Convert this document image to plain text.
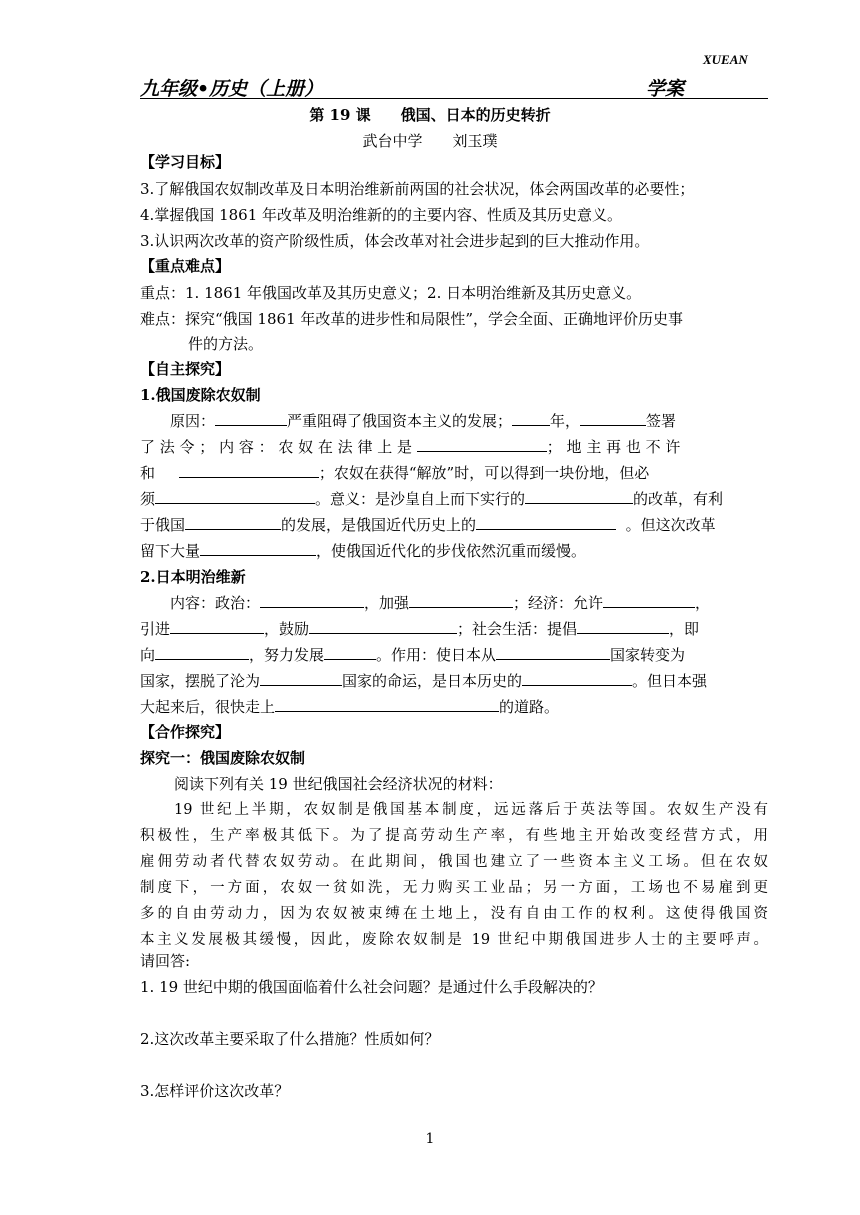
XUEAN
九年级•历史（上册）	学案
第 19 课　　俄国、日本的历史转折
武台中学　　刘玉璞
【学习目标】
3.了解俄国农奴制改革及日本明治维新前两国的社会状况，体会两国改革的必要性；
4.掌握俄国 1861 年改革及明治维新的的主要内容、性质及其历史意义。
3.认识两次改革的资产阶级性质，体会改革对社会进步起到的巨大推动作用。
【重点难点】
重点：1. 1861 年俄国改革及其历史意义；2. 日本明治维新及其历史意义。
难点：探究“俄国 1861 年改革的进步性和局限性”，学会全面、正确地评价历史事
件的方法。
【自主探究】
1.俄国废除农奴制
原因：	严重阻碍了俄国资本主义的发展；	年，	签署
了 法 令 ； 内 容 ： 农 奴 在 法 律 上 是	； 地 主 再 也 不 许
和	；农奴在获得“解放”时，可以得到一块份地，但必
须	。意义：是沙皇自上而下实行的	的改革，有利
于俄国	的发展，是俄国近代历史上的	。但这次改革
留下大量	，使俄国近代化的步伐依然沉重而缓慢。
2.日本明治维新
内容：政治：	，加强	；经济：允许	，
引进	，鼓励	；社会生活：提倡	，即
向	，努力发展	。作用：使日本从	国家转变为
国家，摆脱了沦为	国家的命运，是日本历史的	。但日本强
大起来后，很快走上	的道路。
【合作探究】
探究一：俄国废除农奴制
阅读下列有关 19 世纪俄国社会经济状况的材料：
19 世纪上半期，农奴制是俄国基本制度，远远落后于英法等国。农奴生产没有
积极性，生产率极其低下。为了提高劳动生产率，有些地主开始改变经营方式，用
雇佣劳动者代替农奴劳动。在此期间，俄国也建立了一些资本主义工场。但在农奴
制度下，一方面，农奴一贫如洗，无力购买工业品；另一方面，工场也不易雇到更
多的自由劳动力，因为农奴被束缚在土地上，没有自由工作的权利。这使得俄国资
本主义发展极其缓慢，因此，废除农奴制是 19 世纪中期俄国进步人士的主要呼声。
请回答:
1. 19 世纪中期的俄国面临着什么社会问题？是通过什么手段解决的？
2.这次改革主要采取了什么措施？性质如何？
3.怎样评价这次改革？
1
